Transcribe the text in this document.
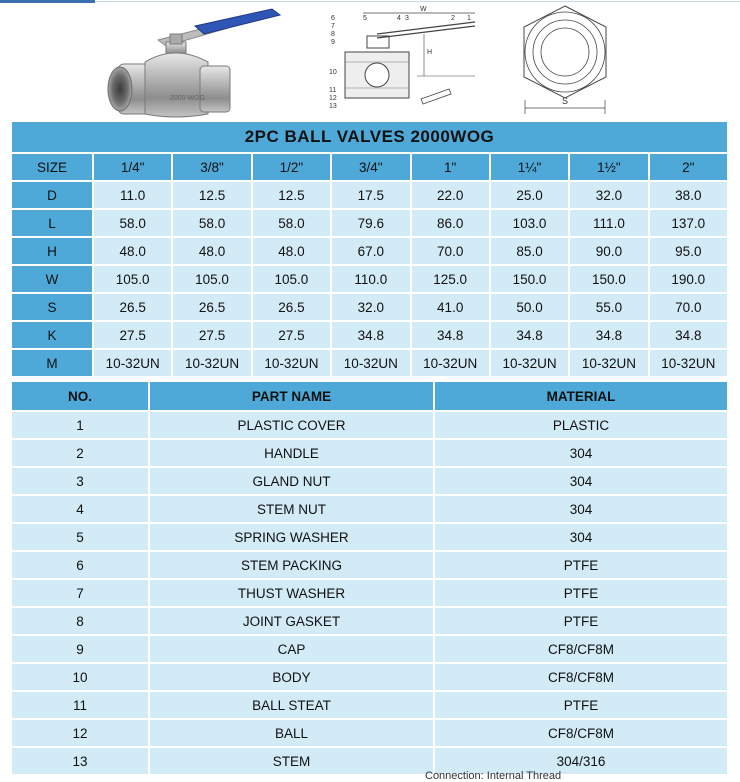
2000 WOG
H
W
6
7
8
9
10
11
12
13
5	4 3	2 1
S
2PC BALL VALVES 2000WOG
SIZE	1/4"	3/8"	1/2"	3/4"	1"	1¼"	1½"	2"
D	11.0	12.5	12.5	17.5	22.0	25.0	32.0	38.0
L	58.0	58.0	58.0	79.6	86.0	103.0	111.0	137.0
H	48.0	48.0	48.0	67.0	70.0	85.0	90.0	95.0
W	105.0	105.0	105.0	110.0	125.0	150.0	150.0	190.0
S	26.5	26.5	26.5	32.0	41.0	50.0	55.0	70.0
K	27.5	27.5	27.5	34.8	34.8	34.8	34.8	34.8
M	10-32UN	10-32UN	10-32UN	10-32UN	10-32UN	10-32UN	10-32UN	10-32UN
NO.	PART NAME	MATERIAL
1	PLASTIC COVER	PLASTIC
2	HANDLE	304
3	GLAND NUT	304
4	STEM NUT	304
5	SPRING WASHER	304
6	STEM PACKING	PTFE
7	THUST WASHER	PTFE
8	JOINT GASKET	PTFE
9	CAP	CF8/CF8M
10	BODY	CF8/CF8M
11	BALL STEAT	PTFE
12	BALL	CF8/CF8M
13	STEM	304/316
Connection: Internal Thread
